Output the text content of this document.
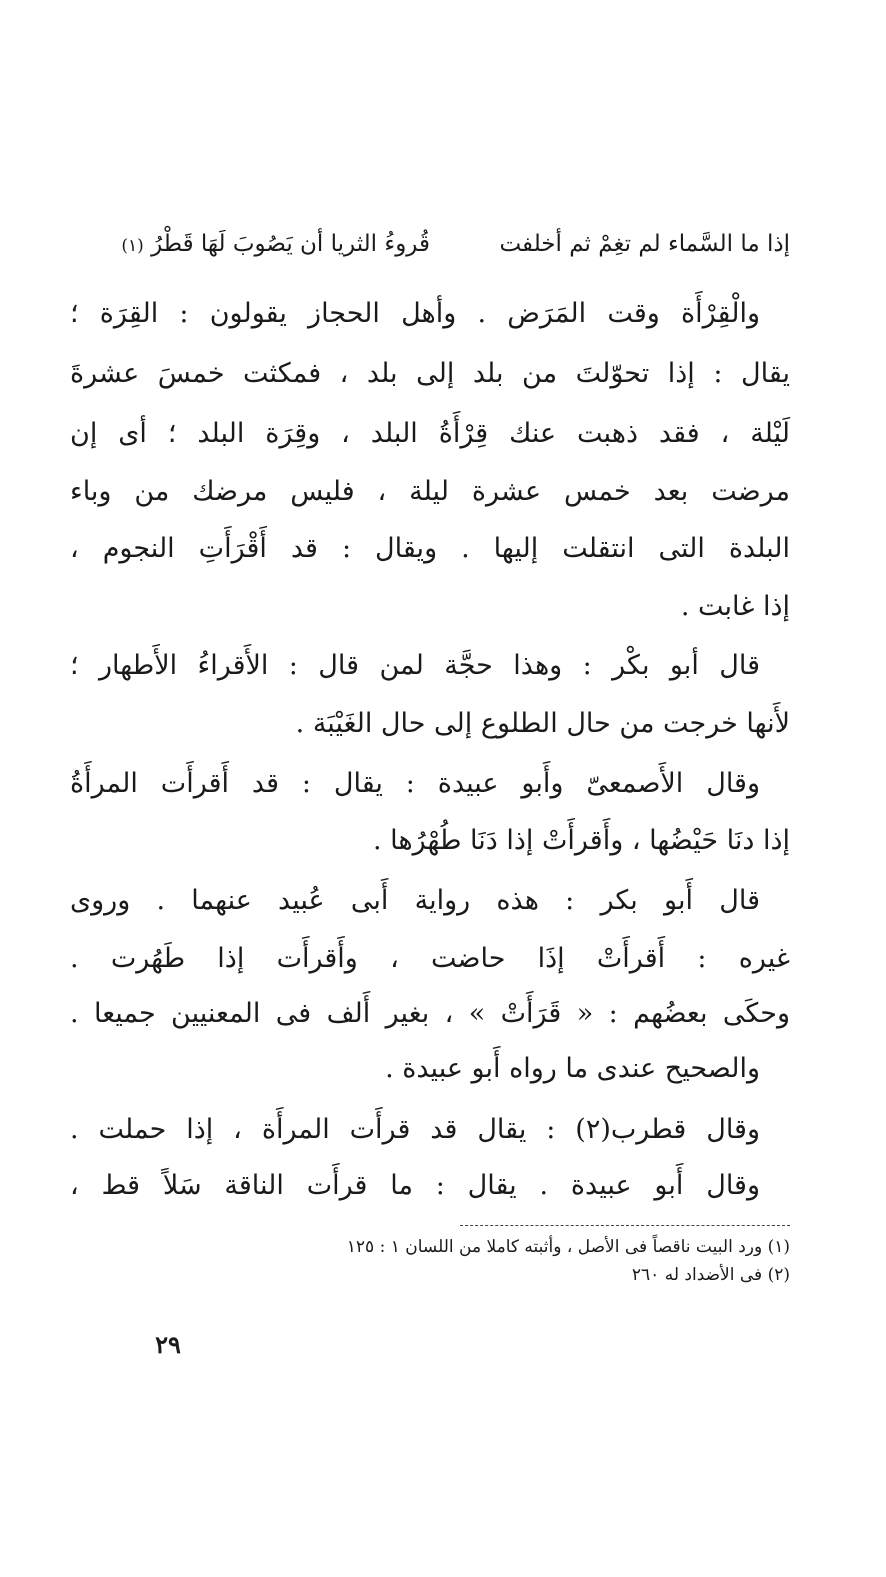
إذا ما السَّماء لم تغِمْ ثم أخلفت
قُروءُ الثريا أن يَصُوبَ لَهَا قَطْرُ (١)
والْقِرْأَة وقت المَرَض . وأهل الحجاز يقولون : القِرَة ؛
يقال : إذا تحوّلتَ من بلد إلى بلد ، فمكثت خمسَ عشرةَ
لَيْلة ، فقد ذهبت عنك قِرْأَةُ البلد ، وقِرَة البلد ؛ أى إن
مرضت بعد خمس عشرة ليلة ، فليس مرضك من وباء
البلدة التى انتقلت إليها . ويقال : قد أَقْرَأَتِ النجوم ،
إذا غابت .
قال أبو بكْر : وهذا حجَّة لمن قال : الأَقراءُ الأَطهار ؛
لأَنها خرجت من حال الطلوع إلى حال الغَيْبَة .
وقال الأَصمعىّ وأَبو عبيدة : يقال : قد أَقرأَت المرأَةُ
إذا دنَا حَيْضُها ، وأَقرأَتْ إذا دَنَا طُهْرُها .
قال أَبو بكر : هذه رواية أَبى عُبيد عنهما . وروى
غيره : أَقرأَتْ إذَا حاضت ، وأَقرأَت إذا طَهُرت .
وحكَى بعضُهم : « قَرَأَتْ » ، بغير أَلف فى المعنيين جميعا .
والصحيح عندى ما رواه أَبو عبيدة .
وقال قطرب(٢) : يقال قد قرأَت المرأَة ، إذا حملت .
وقال أَبو عبيدة . يقال : ما قرأَت الناقة سَلاً قط ،
(١) ورد البيت ناقصاً فى الأصل ، وأثبته كاملا من اللسان ١ : ١٢٥
(٢) فى الأضداد له ٢٦٠
٢٩
